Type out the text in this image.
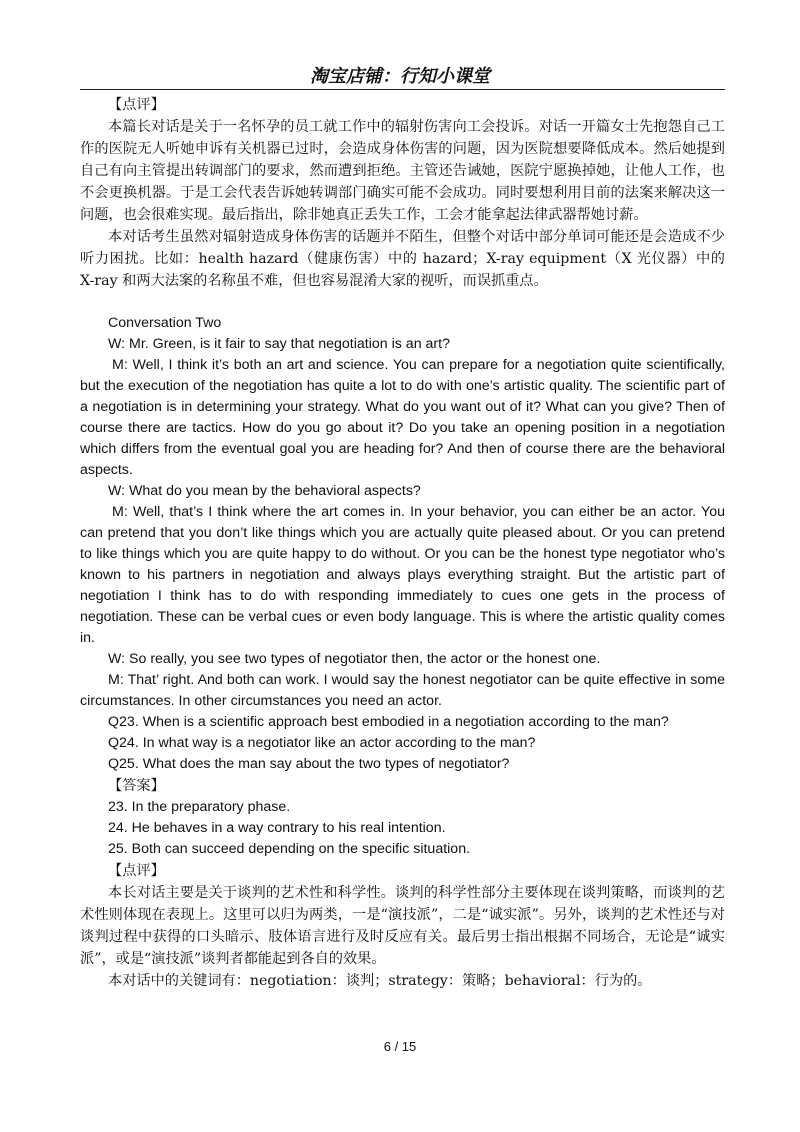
淘宝店铺：行知小课堂

【点评】

本篇长对话是关于一名怀孕的员工就工作中的辐射伤害向工会投诉。对话一开篇女士先抱怨自己工作的医院无人听她申诉有关机器已过时，会造成身体伤害的问题，因为医院想要降低成本。然后她提到自己有向主管提出转调部门的要求，然而遭到拒绝。主管还告诫她，医院宁愿换掉她，让他人工作，也不会更换机器。于是工会代表告诉她转调部门确实可能不会成功。同时要想利用目前的法案来解决这一问题，也会很难实现。最后指出，除非她真正丢失工作，工会才能拿起法律武器帮她讨薪。

本对话考生虽然对辐射造成身体伤害的话题并不陌生，但整个对话中部分单词可能还是会造成不少听力困扰。比如：health hazard（健康伤害）中的 hazard；X-ray equipment（X 光仪器）中的 X-ray 和两大法案的名称虽不难，但也容易混淆大家的视听，而误抓重点。

Conversation Two

W: Mr. Green, is it fair to say that negotiation is an art?

M: Well, I think it’s both an art and science. You can prepare for a negotiation quite scientifically, but the execution of the negotiation has quite a lot to do with one’s artistic quality. The scientific part of a negotiation is in determining your strategy. What do you want out of it? What can you give? Then of course there are tactics. How do you go about it? Do you take an opening position in a negotiation which differs from the eventual goal you are heading for? And then of course there are the behavioral aspects.

W: What do you mean by the behavioral aspects?

M: Well, that’s I think where the art comes in. In your behavior, you can either be an actor. You can pretend that you don’t like things which you are actually quite pleased about. Or you can pretend to like things which you are quite happy to do without. Or you can be the honest type negotiator who’s known to his partners in negotiation and always plays everything straight. But the artistic part of negotiation I think has to do with responding immediately to cues one gets in the process of negotiation. These can be verbal cues or even body language. This is where the artistic quality comes in.

W: So really, you see two types of negotiator then, the actor or the honest one.

M: That’ right. And both can work. I would say the honest negotiator can be quite effective in some circumstances. In other circumstances you need an actor.

Q23. When is a scientific approach best embodied in a negotiation according to the man?

Q24. In what way is a negotiator like an actor according to the man?

Q25. What does the man say about the two types of negotiator?

【答案】

23. In the preparatory phase.

24. He behaves in a way contrary to his real intention.

25. Both can succeed depending on the specific situation.

【点评】

本长对话主要是关于谈判的艺术性和科学性。谈判的科学性部分主要体现在谈判策略，而谈判的艺术性则体现在表现上。这里可以归为两类，一是“演技派”，二是“诚实派”。另外，谈判的艺术性还与对谈判过程中获得的口头暗示、肢体语言进行及时反应有关。最后男士指出根据不同场合，无论是“诚实派”，或是“演技派”谈判者都能起到各自的效果。

本对话中的关键词有：negotiation：谈判；strategy：策略；behavioral：行为的。

6 / 15
